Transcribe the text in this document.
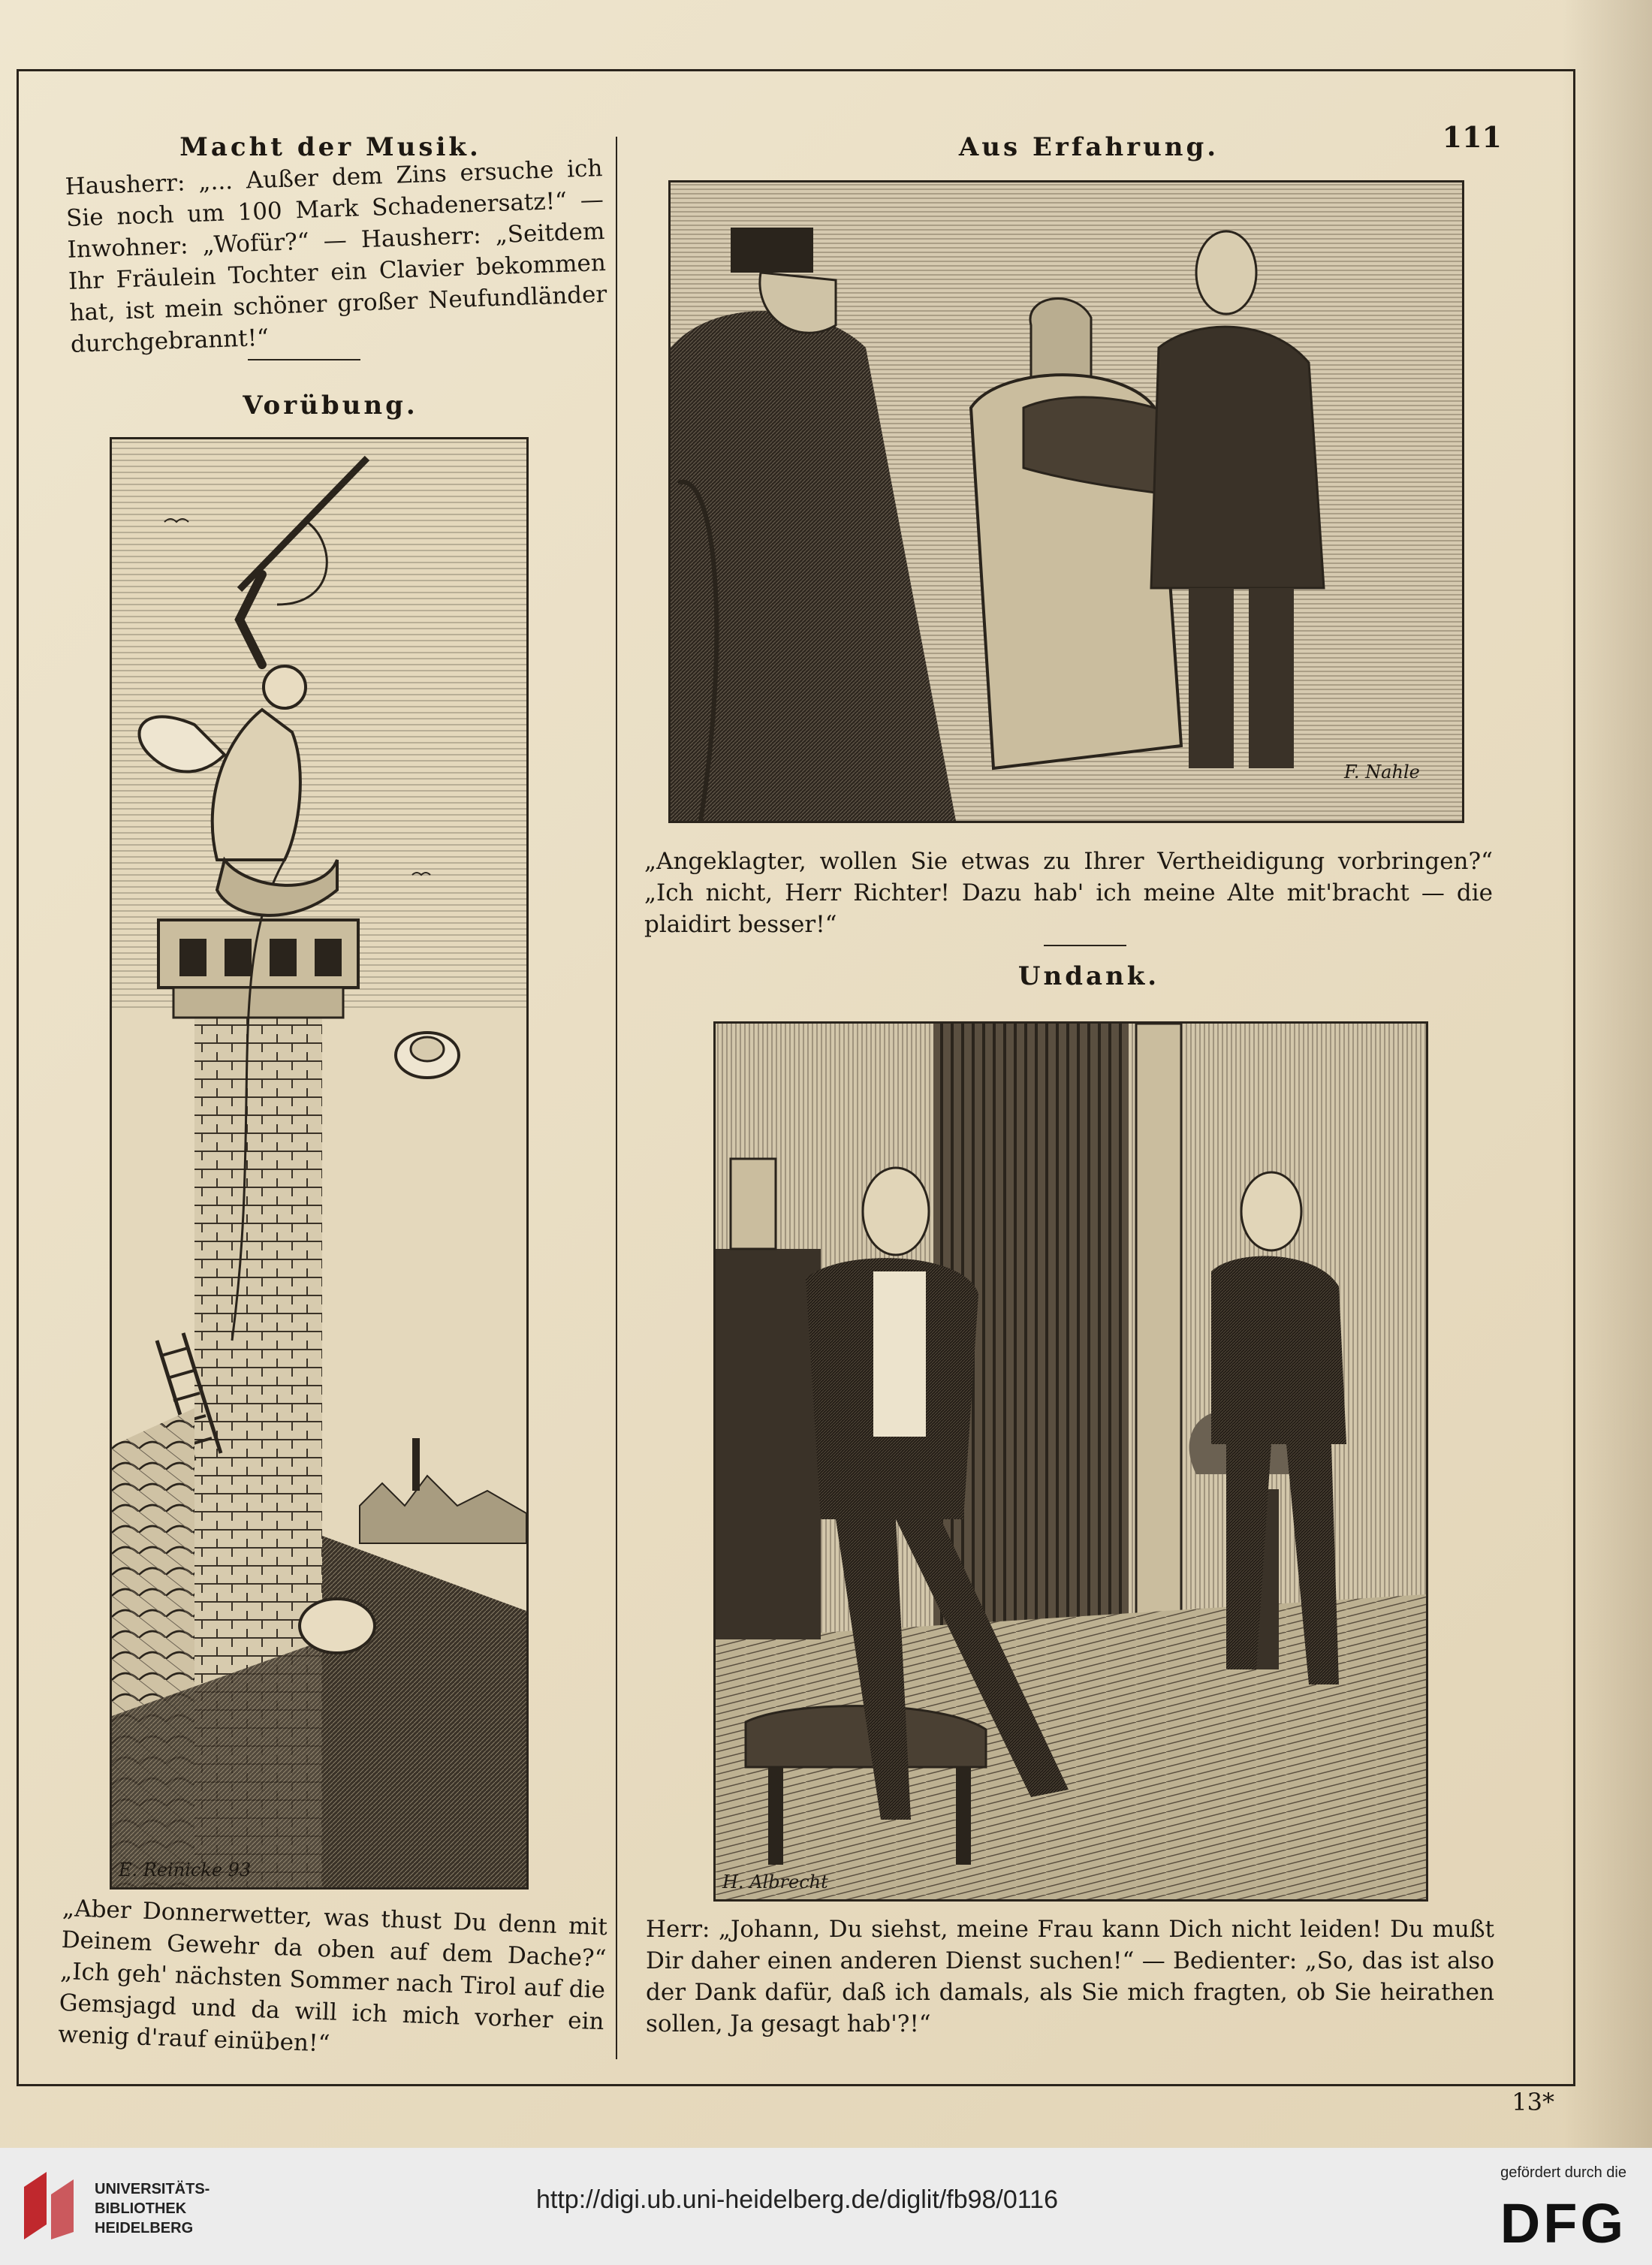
111
Macht der Musik.
Hausherr: „... Außer dem Zins ersuche ich Sie noch um 100 Mark Schadenersatz!“ — Inwohner: „Wofür?“ — Hausherr: „Seitdem Ihr Fräulein Tochter ein Clavier bekommen hat, ist mein schöner großer Neufundländer durchgebrannt!“
Vorübung.
E. Reinicke 93
„Aber Donnerwetter, was thust Du denn mit Deinem Gewehr da oben auf dem Dache?“ „Ich geh' nächsten Sommer nach Tirol auf die Gemsjagd und da will ich mich vorher ein wenig d'rauf einüben!“
Aus Erfahrung.
F. Nahle
„Angeklagter, wollen Sie etwas zu Ihrer Vertheidigung vorbringen?“ „Ich nicht, Herr Richter! Dazu hab' ich meine Alte mit'bracht — die plaidirt besser!“
Undank.
H. Albrecht
Herr: „Johann, Du siehst, meine Frau kann Dich nicht leiden! Du mußt Dir daher einen anderen Dienst suchen!“ — Bedienter: „So, das ist also der Dank dafür, daß ich damals, als Sie mich fragten, ob Sie heirathen sollen, Ja gesagt hab'?!“
13*
UNIVERSITÄTS-
BIBLIOTHEK
HEIDELBERG
http://digi.ub.uni-heidelberg.de/diglit/fb98/0116
gefördert durch die
DFG
